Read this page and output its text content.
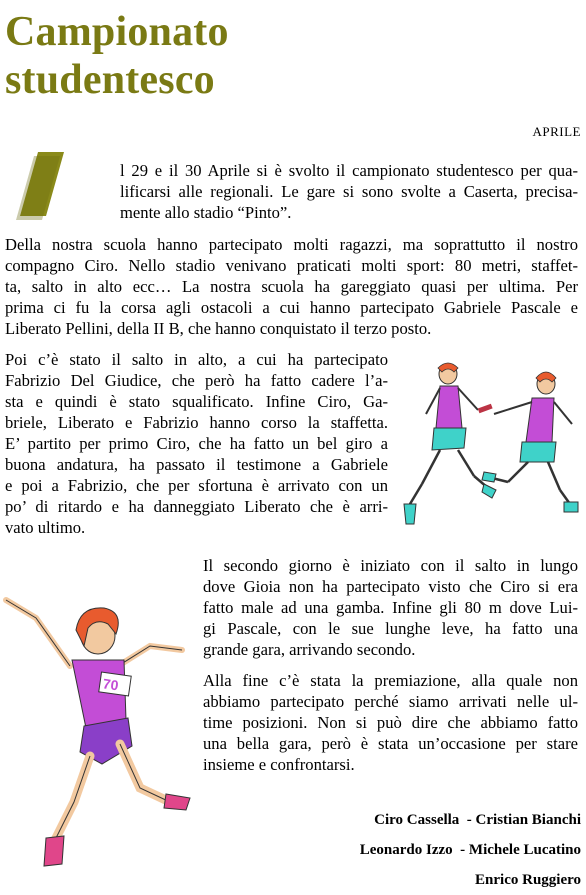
Campionato
studentesco
APRILE
I
l 29 e il 30 Aprile si è svolto il campionato studentesco per qua-
lificarsi alle regionali. Le gare si sono svolte a Caserta, precisa-
mente allo stadio “Pinto”.
Della nostra scuola hanno partecipato molti ragazzi, ma soprattutto il nostro
compagno Ciro. Nello stadio venivano praticati molti sport: 80 metri, staffet-
ta, salto in alto ecc… La nostra scuola ha gareggiato quasi per ultima. Per
prima ci fu la corsa agli ostacoli a cui hanno partecipato Gabriele Pascale e
Liberato Pellini, della II B, che hanno conquistato il terzo posto.
Poi c’è stato il salto in alto, a cui ha partecipato
Fabrizio Del Giudice, che però ha fatto cadere l’a-
sta e quindi è stato squalificato. Infine Ciro, Ga-
briele, Liberato e Fabrizio hanno corso la staffetta.
E’ partito per primo Ciro, che ha fatto un bel giro a
buona andatura, ha passato il testimone a Gabriele
e poi a Fabrizio, che per sfortuna è arrivato con un
po’ di ritardo e ha danneggiato Liberato che è arri-
vato ultimo.
Il secondo giorno è iniziato con il salto in lungo
dove Gioia non ha partecipato visto che Ciro si era
fatto male ad una gamba. Infine gli 80 m dove Lui-
gi Pascale, con le sue lunghe leve, ha fatto una
grande gara, arrivando secondo.
Alla fine c’è stata la premiazione, alla quale non
abbiamo partecipato perché siamo arrivati nelle ul-
time posizioni. Non si può dire che abbiamo fatto
una bella gara, però è stata un’occasione per stare
insieme e confrontarsi.
70
Ciro Cassella  - Cristian Bianchi
Leonardo Izzo  - Michele Lucatino
Enrico Ruggiero
